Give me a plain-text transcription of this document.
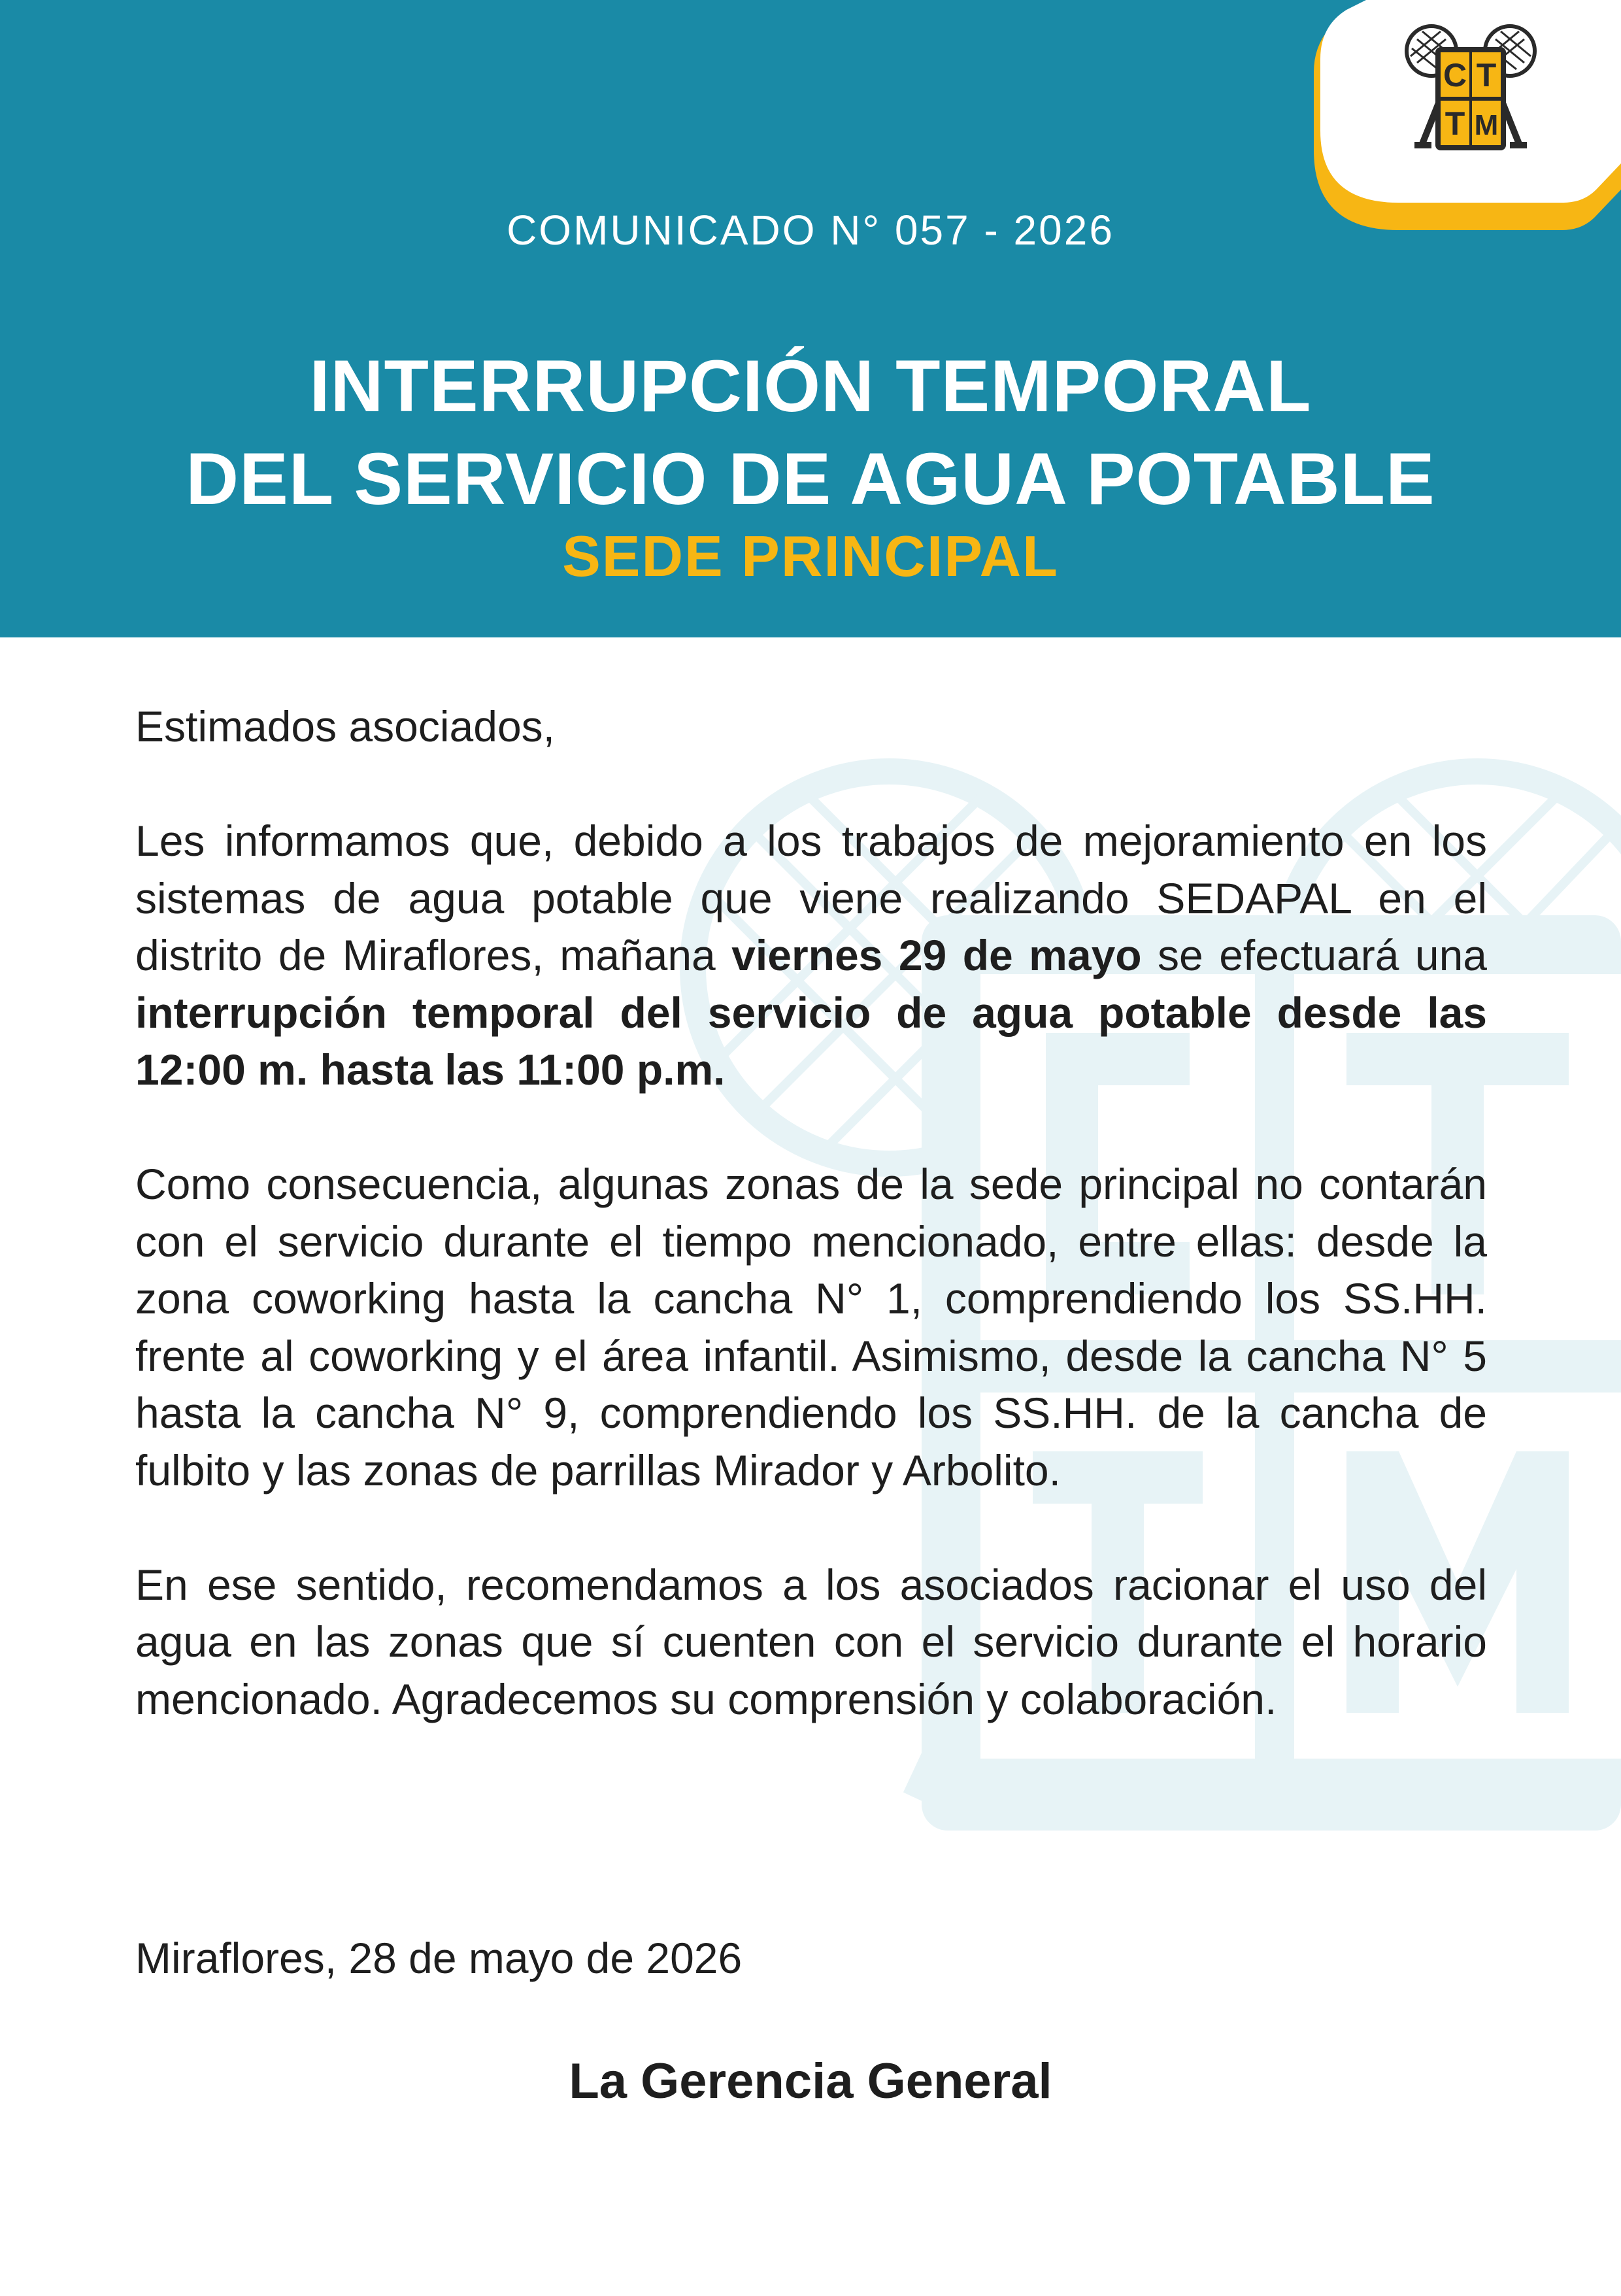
C T
T M

COMUNICADO N° 057 - 2026

INTERRUPCIÓN TEMPORAL
DEL SERVICIO DE AGUA POTABLE

SEDE PRINCIPAL

Estimados asociados,

Les informamos que, debido a los trabajos de mejoramiento en los sistemas de agua potable que viene realizando SEDAPAL en el distrito de Miraflores, mañana viernes 29 de mayo se efectuará una interrupción temporal del servicio de agua potable desde las 12:00 m. hasta las 11:00 p.m.

Como consecuencia, algunas zonas de la sede principal no contarán con el servicio durante el tiempo mencionado, entre ellas: desde la zona coworking hasta la cancha N° 1, comprendiendo los SS.HH. frente al coworking y el área infantil. Asimismo, desde la cancha N° 5 hasta la cancha N° 9, comprendiendo los SS.HH. de la cancha de fulbito y las zonas de parrillas Mirador y Arbolito.

En ese sentido, recomendamos a los asociados racionar el uso del agua en las zonas que sí cuenten con el servicio durante el horario mencionado. Agradecemos su comprensión y colaboración.

Miraflores, 28 de mayo de 2026

La Gerencia General
